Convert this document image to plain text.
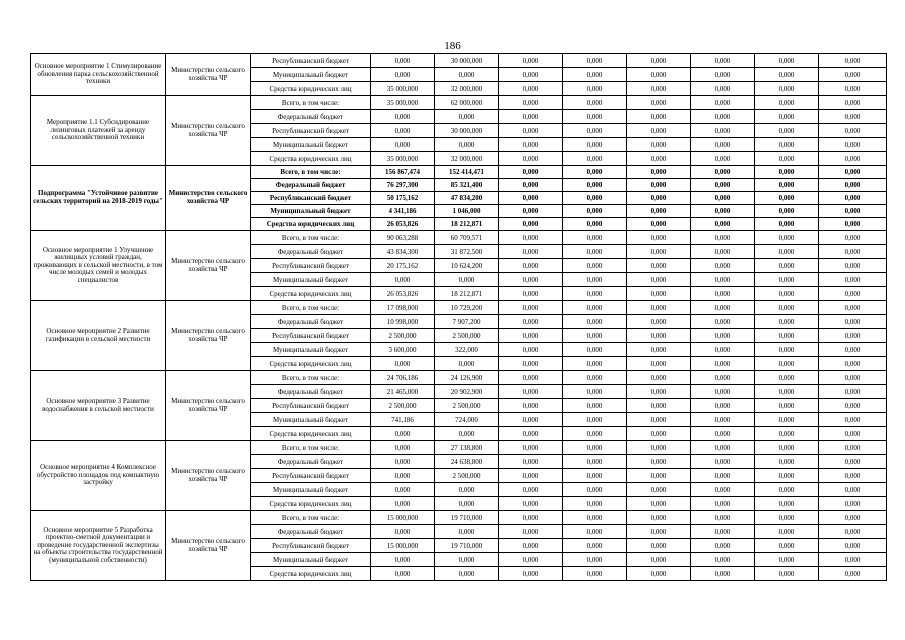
186
Основное мероприятие 1 Стимулирование обновления парка сельскохозяйственной техники	Министерство сельского хозяйства ЧР	Республиканский бюджет	0,000	30 000,000	0,000	0,000	0,000	0,000	0,000	0,000
		Муниципальный бюджет	0,000	0,000	0,000	0,000	0,000	0,000	0,000	0,000
		Средства юридических лиц	35 000,000	32 000,000	0,000	0,000	0,000	0,000	0,000	0,000
Мероприятие 1.1 Субсидирование лизинговых платежей за аренду сельскохозяйственной техники	Министерство сельского хозяйства ЧР	Всего, в том числе:	35 000,000	62 000,000	0,000	0,000	0,000	0,000	0,000	0,000
		Федеральный бюджет	0,000	0,000	0,000	0,000	0,000	0,000	0,000	0,000
		Республиканский бюджет	0,000	30 000,000	0,000	0,000	0,000	0,000	0,000	0,000
		Муниципальный бюджет	0,000	0,000	0,000	0,000	0,000	0,000	0,000	0,000
		Средства юридических лиц	35 000,000	32 000,000	0,000	0,000	0,000	0,000	0,000	0,000
Подпрограмма "Устойчивое развитие сельских территорий на 2018-2019 годы"	Министерство сельского хозяйства ЧР	Всего, в том числе:	156 867,474	152 414,471	0,000	0,000	0,000	0,000	0,000	0,000
		Федеральный бюджет	76 297,300	85 321,400	0,000	0,000	0,000	0,000	0,000	0,000
		Республиканский бюджет	50 175,162	47 834,200	0,000	0,000	0,000	0,000	0,000	0,000
		Муниципальный бюджет	4 341,186	1 046,000	0,000	0,000	0,000	0,000	0,000	0,000
		Средства юридических лиц	26 053,826	18 212,871	0,000	0,000	0,000	0,000	0,000	0,000
Основное мероприятие 1 Улучшение жилищных условий граждан, проживающих в сельской местности, в том числе молодых семей и молодых специалистов	Министерство сельского хозяйства ЧР	Всего, в том числе:	90 063,288	60 709,571	0,000	0,000	0,000	0,000	0,000	0,000
		Федеральный бюджет	43 834,300	31 872,500	0,000	0,000	0,000	0,000	0,000	0,000
		Республиканский бюджет	20 175,162	10 624,200	0,000	0,000	0,000	0,000	0,000	0,000
		Муниципальный бюджет	0,000	0,000	0,000	0,000	0,000	0,000	0,000	0,000
		Средства юридических лиц	26 053,826	18 212,871	0,000	0,000	0,000	0,000	0,000	0,000
Основное мероприятие 2 Развитие газификации в сельской местности	Министерство сельского хозяйства ЧР	Всего, в том числе:	17 098,000	10 729,200	0,000	0,000	0,000	0,000	0,000	0,000
		Федеральный бюджет	10 998,000	7 907,200	0,000	0,000	0,000	0,000	0,000	0,000
		Республиканский бюджет	2 500,000	2 500,000	0,000	0,000	0,000	0,000	0,000	0,000
		Муниципальный бюджет	3 600,000	322,000	0,000	0,000	0,000	0,000	0,000	0,000
		Средства юридических лиц	0,000	0,000	0,000	0,000	0,000	0,000	0,000	0,000
Основное мероприятие 3 Развитие водоснабжения в сельской местности	Министерство сельского хозяйства ЧР	Всего, в том числе:	24 706,186	24 126,900	0,000	0,000	0,000	0,000	0,000	0,000
		Федеральный бюджет	21 465,000	20 902,900	0,000	0,000	0,000	0,000	0,000	0,000
		Республиканский бюджет	2 500,000	2 500,000	0,000	0,000	0,000	0,000	0,000	0,000
		Муниципальный бюджет	741,186	724,000	0,000	0,000	0,000	0,000	0,000	0,000
		Средства юридических лиц	0,000	0,000	0,000	0,000	0,000	0,000	0,000	0,000
Основное мероприятие 4 Комплексное обустройство площадок под компактную застройку	Министерство сельского хозяйства ЧР	Всего, в том числе:	0,000	27 138,800	0,000	0,000	0,000	0,000	0,000	0,000
		Федеральный бюджет	0,000	24 638,800	0,000	0,000	0,000	0,000	0,000	0,000
		Республиканский бюджет	0,000	2 500,000	0,000	0,000	0,000	0,000	0,000	0,000
		Муниципальный бюджет	0,000	0,000	0,000	0,000	0,000	0,000	0,000	0,000
		Средства юридических лиц	0,000	0,000	0,000	0,000	0,000	0,000	0,000	0,000
Основное мероприятие 5 Разработка проектно-сметной документации и проведение государственной экспертизы на объекты строительства государственной (муниципальной собственности)	Министерство сельского хозяйства ЧР	Всего, в том числе:	15 000,000	19 710,000	0,000	0,000	0,000	0,000	0,000	0,000
		Федеральный бюджет	0,000	0,000	0,000	0,000	0,000	0,000	0,000	0,000
		Республиканский бюджет	15 000,000	19 710,000	0,000	0,000	0,000	0,000	0,000	0,000
		Муниципальный бюджет	0,000	0,000	0,000	0,000	0,000	0,000	0,000	0,000
		Средства юридических лиц	0,000	0,000	0,000	0,000	0,000	0,000	0,000	0,000
